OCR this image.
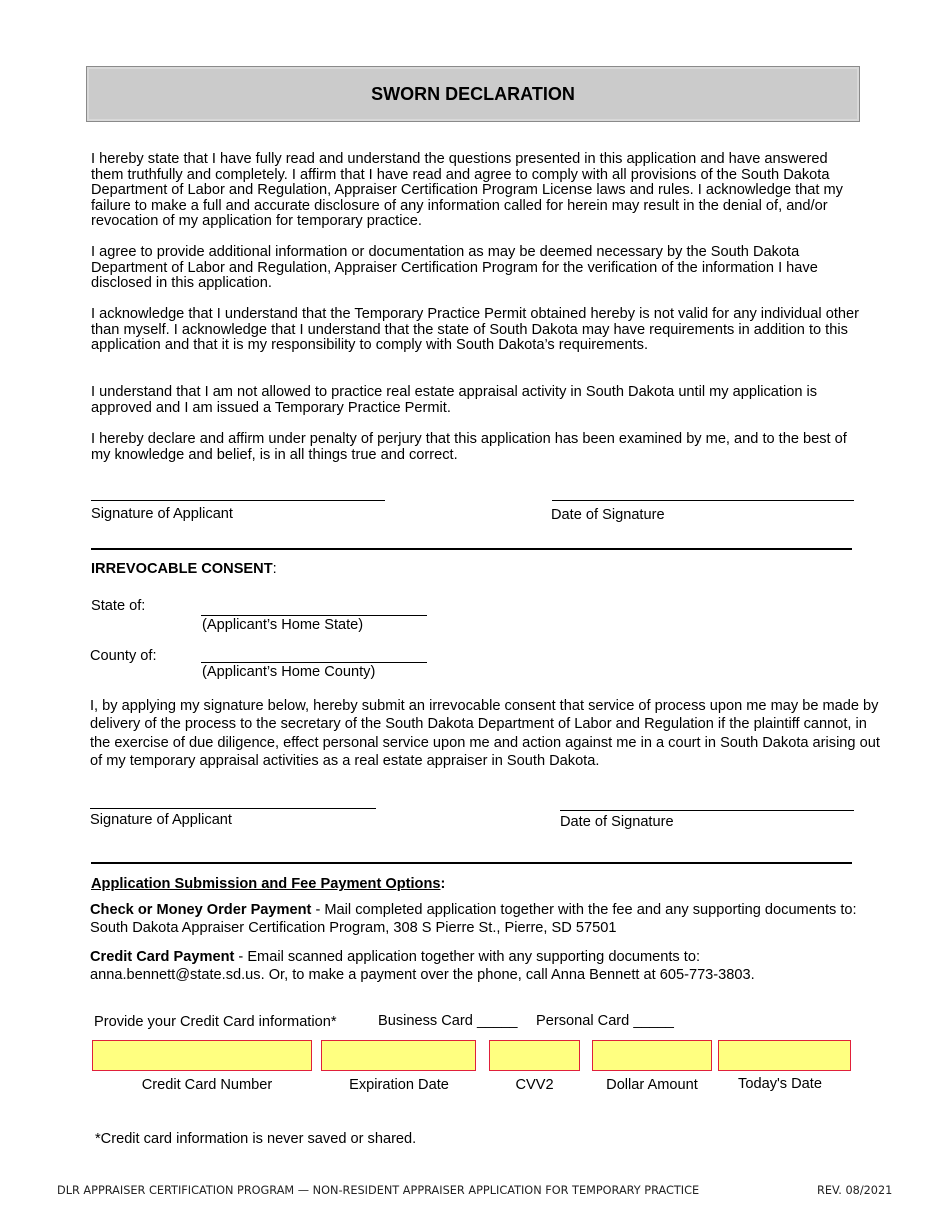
SWORN DECLARATION
I hereby state that I have fully read and understand the questions presented in this application and have answered them truthfully and completely. I affirm that I have read and agree to comply with all provisions of the South Dakota Department of Labor and Regulation, Appraiser Certification Program License laws and rules. I acknowledge that my failure to make a full and accurate disclosure of any information called for herein may result in the denial of, and/or revocation of my application for temporary practice.
I agree to provide additional information or documentation as may be deemed necessary by the South Dakota Department of Labor and Regulation, Appraiser Certification Program for the verification of the information I have disclosed in this application.
I acknowledge that I understand that the Temporary Practice Permit obtained hereby is not valid for any individual other than myself. I acknowledge that I understand that the state of South Dakota may have requirements in addition to this application and that it is my responsibility to comply with South Dakota’s requirements.
I understand that I am not allowed to practice real estate appraisal activity in South Dakota until my application is approved and I am issued a Temporary Practice Permit.
I hereby declare and affirm under penalty of perjury that this application has been examined by me, and to the best of my knowledge and belief, is in all things true and correct.
Signature of Applicant	Date of Signature
IRREVOCABLE CONSENT:
State of:
(Applicant’s Home State)
County of:
(Applicant’s Home County)
I, by applying my signature below, hereby submit an irrevocable consent that service of process upon me may be made by delivery of the process to the secretary of the South Dakota Department of Labor and Regulation if the plaintiff cannot, in the exercise of due diligence, effect personal service upon me and action against me in a court in South Dakota arising out of my temporary appraisal activities as a real estate appraiser in South Dakota.
Signature of Applicant	Date of Signature
Application Submission and Fee Payment Options:
Check or Money Order Payment - Mail completed application together with the fee and any supporting documents to: South Dakota Appraiser Certification Program, 308 S Pierre St., Pierre, SD 57501
Credit Card Payment - Email scanned application together with any supporting documents to: anna.bennett@state.sd.us. Or, to make a payment over the phone, call Anna Bennett at 605-773-3803.
Provide your Credit Card information*	Business Card _____ Personal Card _____
Credit Card Number	Expiration Date	CVV2	Dollar Amount	Today's Date
*Credit card information is never saved or shared.
DLR APPRAISER CERTIFICATION PROGRAM — NON-RESIDENT APPRAISER APPLICATION FOR TEMPORARY PRACTICE	REV. 08/2021
